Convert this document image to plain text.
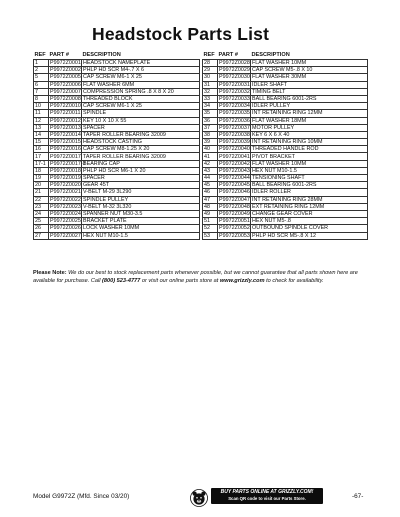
Headstock Parts List
REF	PART #	DESCRIPTION
1	P9972Z0001	HEADSTOCK NAMEPLATE
2	P9972Z0002	PHLP HD SCR M4-.7 X 6
5	P9972Z0005	CAP SCREW M6-1 X 25
6	P9972Z0006	FLAT WASHER 6MM
7	P9972Z0007	COMPRESSION SPRING .8 X 8 X 20
8	P9972Z0008	THREADED BLOCK
10	P9972Z0010	CAP SCREW M6-1 X 25
11	P9972Z0011	SPINDLE
12	P9972Z0012	KEY 10 X 10 X 55
13	P9972Z0013	SPACER
14	P9972Z0014	TAPER ROLLER BEARING 32009
15	P9972Z0015	HEADSTOCK CASTING
16	P9972Z0016	CAP SCREW M8-1.25 X 20
17	P9972Z0017	TAPER ROLLER BEARING 32009
17-1	P9972Z0017-1	BEARING CAP
18	P9972Z0018	PHLP HD SCR M6-1 X 20
19	P9972Z0019	SPACER
20	P9972Z0020	GEAR 45T
21	P9972Z0021	V-BELT M-29 3L290
22	P9972Z0022	SPINDLE PULLEY
23	P9972Z0023	V-BELT M-32 3L320
24	P9972Z0024	SPANNER NUT M30-3.5
25	P9972Z0025	BRACKET PLATE
26	P9972Z0026	LOCK WASHER 10MM
27	P9972Z0027	HEX NUT M10-1.5
REF	PART #	DESCRIPTION
28	P9972Z0028	FLAT WASHER 10MM
29	P9972Z0029	CAP SCREW M5-.8 X 10
30	P9972Z0030	FLAT WASHER 30MM
31	P9972Z0031	IDLER SHAFT
32	P9972Z0032	TIMING BELT
33	P9972Z0033	BALL BEARING 6001-2RS
34	P9972Z0034	IDLER PULLEY
35	P9972Z0035	INT RETAINING RING 12MM
36	P9972Z0036	FLAT WASHER 18MM
37	P9972Z0037	MOTOR PULLEY
38	P9972Z0038	KEY 6 X 6 X 40
39	P9972Z0039	INT RETAINING RING 10MM
40	P9972Z0040	THREADED HANDLE ROD
41	P9972Z0041	PIVOT BRACKET
42	P9972Z0042	FLAT WASHER 10MM
43	P9972Z0043	HEX NUT M10-1.5
44	P9972Z0044	TENSIONING SHAFT
45	P9972Z0045	BALL BEARING 6001-2RS
46	P9972Z0046	IDLER ROLLER
47	P9972Z0047	INT RETAINING RING 28MM
48	P9972Z0048	EXT RETAINING RING 12MM
49	P9972Z0049	CHANGE GEAR COVER
51	P9972Z0051	HEX NUT M5-.8
52	P9972Z0052	OUTBOUND SPINDLE COVER
53	P9972Z0053	PHLP HD SCR M5-.8 X 12

Please Note: We do our best to stock replacement parts whenever possible, but we cannot guarantee that all parts shown here are available for purchase. Call (800) 523-4777 or visit our online parts store at www.grizzly.com to check for availability.

Model G9972Z (Mfd. Since 03/20)
BUY PARTS ONLINE AT GRIZZLY.COM!
Scan QR code to visit our Parts Store.	-67-
